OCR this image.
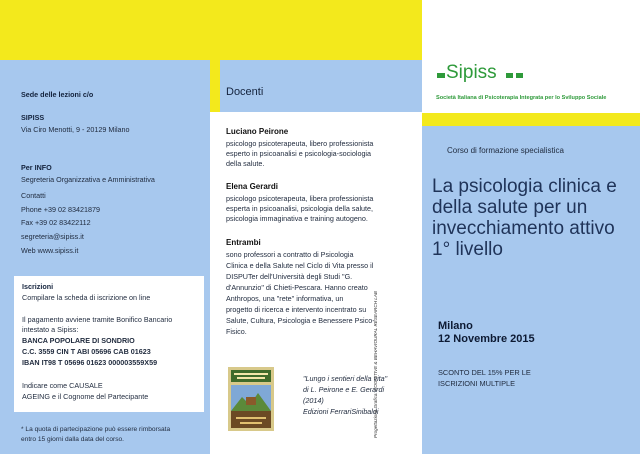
Sede delle lezioni c/o
SIPISS
Via Ciro Menotti, 9 - 20129 Milano
Per INFO
Segreteria Organizzativa e Amministrativa
Contatti
Phone +39 02 83421879
Fax +39 02 83422112
segreteria@sipiss.it
Web www.sipiss.it
Iscrizioni
Compilare la scheda di iscrizione on line
Il pagamento avviene tramite Bonifico Bancario
intestato a Sipiss:
BANCA POPOLARE DI SONDRIO
C.C. 3559 CIN T ABI 05696 CAB 01623
IBAN IT98 T 05696 01623 000003559X59
Indicare come CAUSALE
AGEING e il Cognome del Partecipante
* La quota di partecipazione può essere rimborsata
entro 15 giorni dalla data del corso.
Docenti
Luciano Peirone
psicologo psicoterapeuta, libero professionista
esperto in psicoanalisi e psicologia-sociologia
della salute.
Elena Gerardi
psicologo psicoterapeuta, libera professionista
esperta in psicoanalisi, psicologia della salute,
psicologia immaginativa e training autogeno.
Entrambi
sono professori a contratto di Psicologia
Clinica e della Salute nel Ciclo di Vita presso il
DISPUTer dell'Università degli Studi "G.
d'Annunzio" di Chieti-Pescara. Hanno creato
Anthropos, una "rete" informativa, un
progetto di ricerca e intervento incentrato su
Salute, Cultura, Psicologia e Benessere Psico-
Fisico.
"Lungo i sentieri della vita"
di L. Peirone e E. Gerardi
(2014)
Edizioni FerrariSinibaldi
Progettazione Grafica: COGNITIVE & BEHAVIOURAL RESEARCH LAB
Sipiss
Società Italiana di Psicoterapia Integrata per lo Sviluppo Sociale
Corso di formazione specialistica
La psicologia clinica e
della salute per un
invecchiamento attivo
1° livello
Milano
12 Novembre 2015
SCONTO DEL 15% PER LE
ISCRIZIONI MULTIPLE
